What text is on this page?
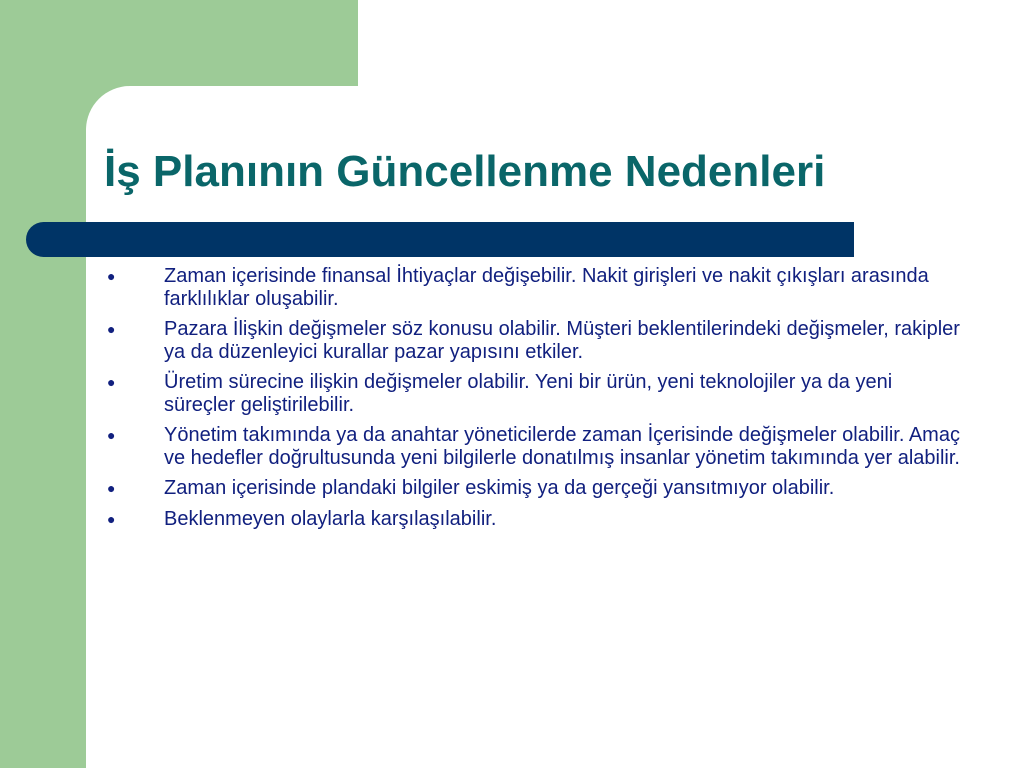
İş Planının Güncellenme Nedenleri
● Zaman içerisinde finansal İhtiyaçlar değişebilir. Nakit girişleri ve nakit çıkışları arasında farklılıklar oluşabilir.
● Pazara İlişkin değişmeler söz konusu olabilir. Müşteri beklentilerindeki değişmeler, rakipler ya da düzenleyici kurallar pazar yapısını etkiler.
● Üretim sürecine ilişkin değişmeler olabilir. Yeni bir ürün, yeni teknolojiler ya da yeni süreçler geliştirilebilir.
● Yönetim takımında ya da anahtar yöneticilerde zaman İçerisinde değişmeler olabilir. Amaç ve hedefler doğrultusunda yeni bilgilerle donatılmış insanlar yönetim takımında yer alabilir.
● Zaman içerisinde plandaki bilgiler eskimiş ya da gerçeği yansıtmıyor olabilir.
● Beklenmeyen olaylarla karşılaşılabilir.
